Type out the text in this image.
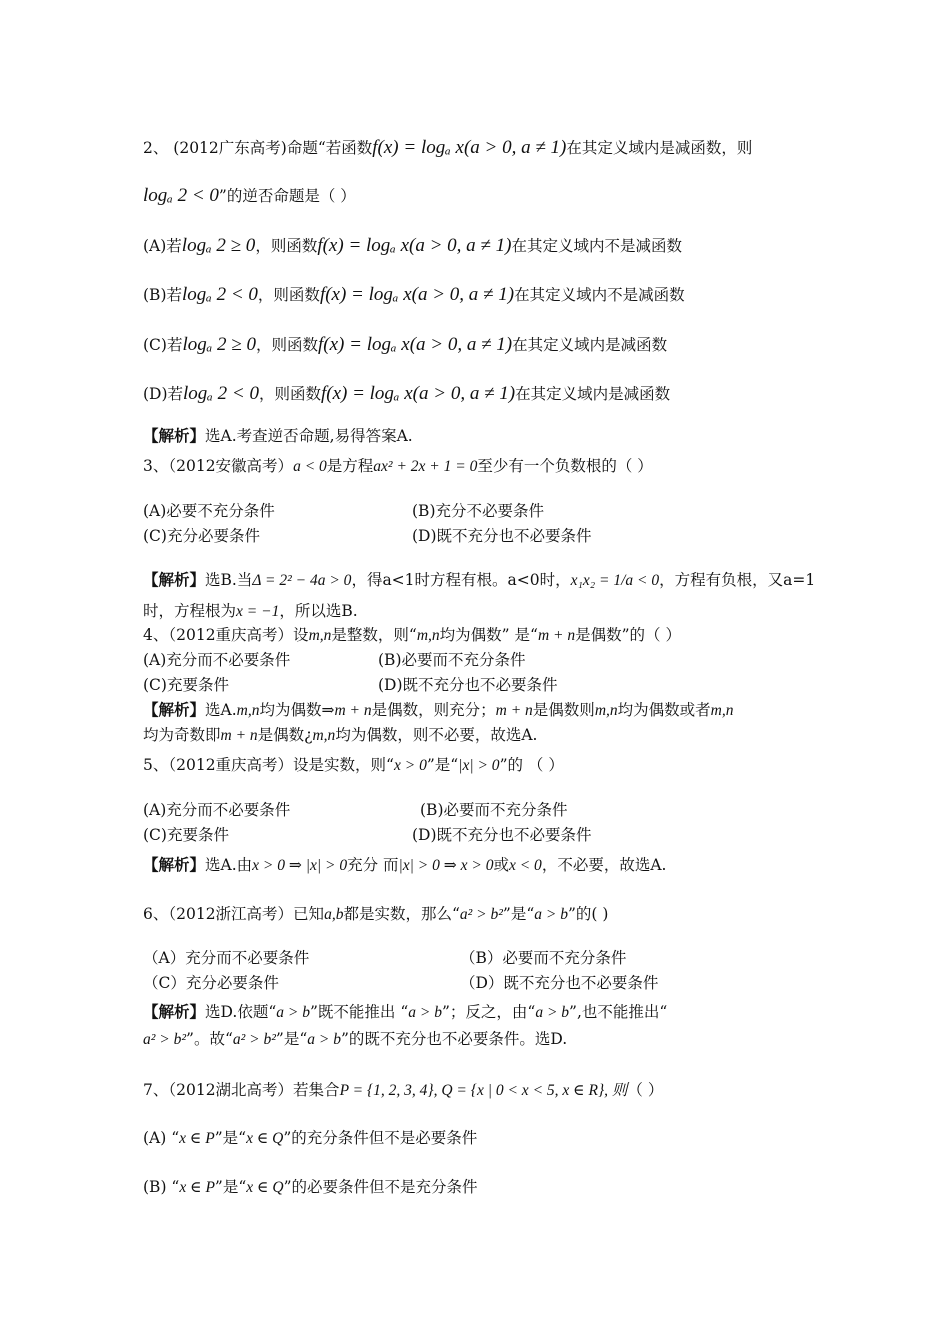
2、 (2012广东高考)命题“若函数f(x) = logₐ x(a > 0, a ≠ 1)在其定义域内是减函数，则
logₐ 2 < 0”的逆否命题是（ ）
(A)若logₐ 2 ≥ 0，则函数f(x) = logₐ x(a > 0, a ≠ 1)在其定义域内不是减函数
(B)若logₐ 2 < 0，则函数f(x) = logₐ x(a > 0, a ≠ 1)在其定义域内不是减函数
(C)若logₐ 2 ≥ 0，则函数f(x) = logₐ x(a > 0, a ≠ 1)在其定义域内是减函数
(D)若logₐ 2 < 0，则函数f(x) = logₐ x(a > 0, a ≠ 1)在其定义域内是减函数
【解析】选A.考查逆否命题,易得答案A.
3、（2012安徽高考）a < 0是方程ax² + 2x + 1 = 0至少有一个负数根的（ ）
(A)必要不充分条件	(B)充分不必要条件
(C)充分必要条件	(D)既不充分也不必要条件
【解析】选B.当Δ = 2² − 4a > 0，得a<1时方程有根。a<0时，x₁x₂ = 1/a < 0，方程有负根，又a=1
时，方程根为x = −1，所以选B.
4、（2012重庆高考）设m,n是整数，则“m,n均为偶数” 是“m + n是偶数”的（ ）
(A)充分而不必要条件	(B)必要而不充分条件
(C)充要条件	(D)既不充分也不必要条件
【解析】选A.m,n均为偶数⇒m + n是偶数，则充分；m + n是偶数则m,n均为偶数或者m,n
均为奇数即m + n是偶数¿m,n均为偶数，则不必要，故选A.
5、（2012重庆高考）设是实数，则“x > 0”是“|x| > 0”的 （ ）
(A)充分而不必要条件	(B)必要而不充分条件
(C)充要条件	(D)既不充分也不必要条件
【解析】选A.由x > 0 ⇒ |x| > 0充分 而|x| > 0 ⇒ x > 0或x < 0，不必要，故选A.
6、（2012浙江高考）已知a,b都是实数，那么“a² > b²”是“a > b”的( )
（A）充分而不必要条件	（B）必要而不充分条件
（C）充分必要条件	（D）既不充分也不必要条件
【解析】选D.依题“a > b”既不能推出 “a > b”；反之，由“a > b”,也不能推出“
a² > b²”。故“a² > b²”是“a > b”的既不充分也不必要条件。选D.
7、（2012湖北高考）若集合P = {1, 2, 3, 4}, Q = {x | 0 < x < 5, x ∈ R}, 则（ ）
(A) “x ∈ P”是“x ∈ Q”的充分条件但不是必要条件
(B) “x ∈ P”是“x ∈ Q”的必要条件但不是充分条件
